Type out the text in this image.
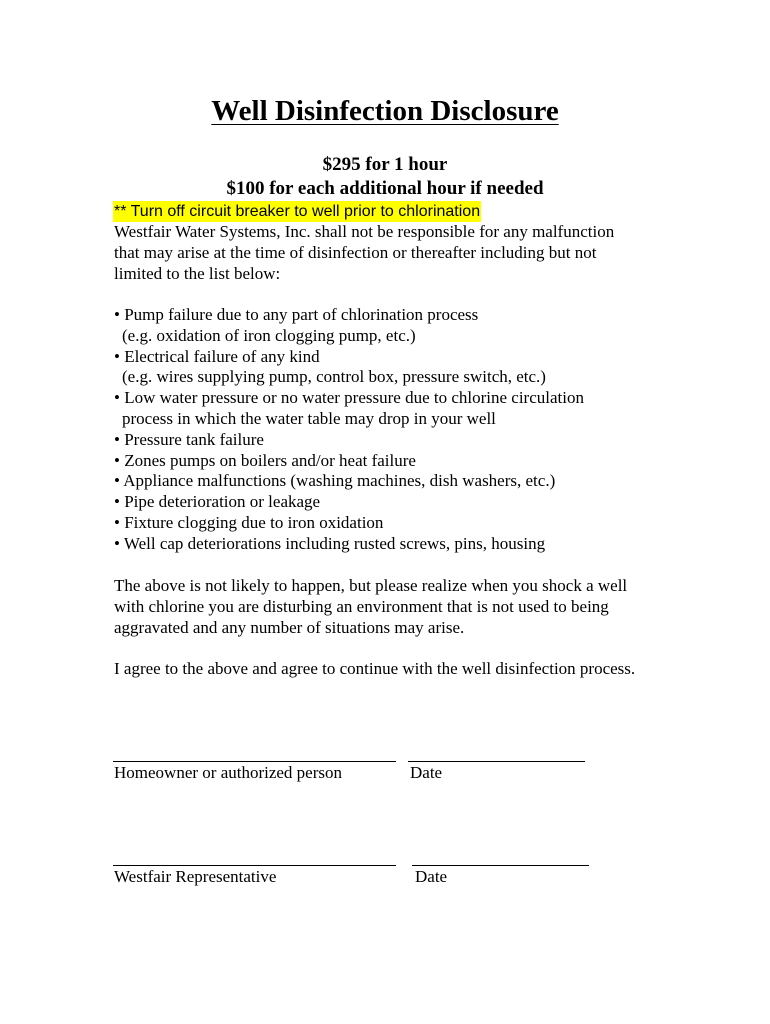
Well Disinfection Disclosure
$295 for 1 hour
$100 for each additional hour if needed
** Turn off circuit breaker to well prior to chlorination
Westfair Water Systems, Inc. shall not be responsible for any malfunction
that may arise at the time of disinfection or thereafter including but not
limited to the list below:
• Pump failure due to any part of chlorination process
(e.g. oxidation of iron clogging pump, etc.)
• Electrical failure of any kind
(e.g. wires supplying pump, control box, pressure switch, etc.)
• Low water pressure or no water pressure due to chlorine circulation
process in which the water table may drop in your well
• Pressure tank failure
• Zones pumps on boilers and/or heat failure
• Appliance malfunctions (washing machines, dish washers, etc.)
• Pipe deterioration or leakage
• Fixture clogging due to iron oxidation
• Well cap deteriorations including rusted screws, pins, housing
The above is not likely to happen, but please realize when you shock a well
with chlorine you are disturbing an environment that is not used to being
aggravated and any number of situations may arise.
I agree to the above and agree to continue with the well disinfection process.
Homeowner or authorized person	Date
Westfair Representative	Date
